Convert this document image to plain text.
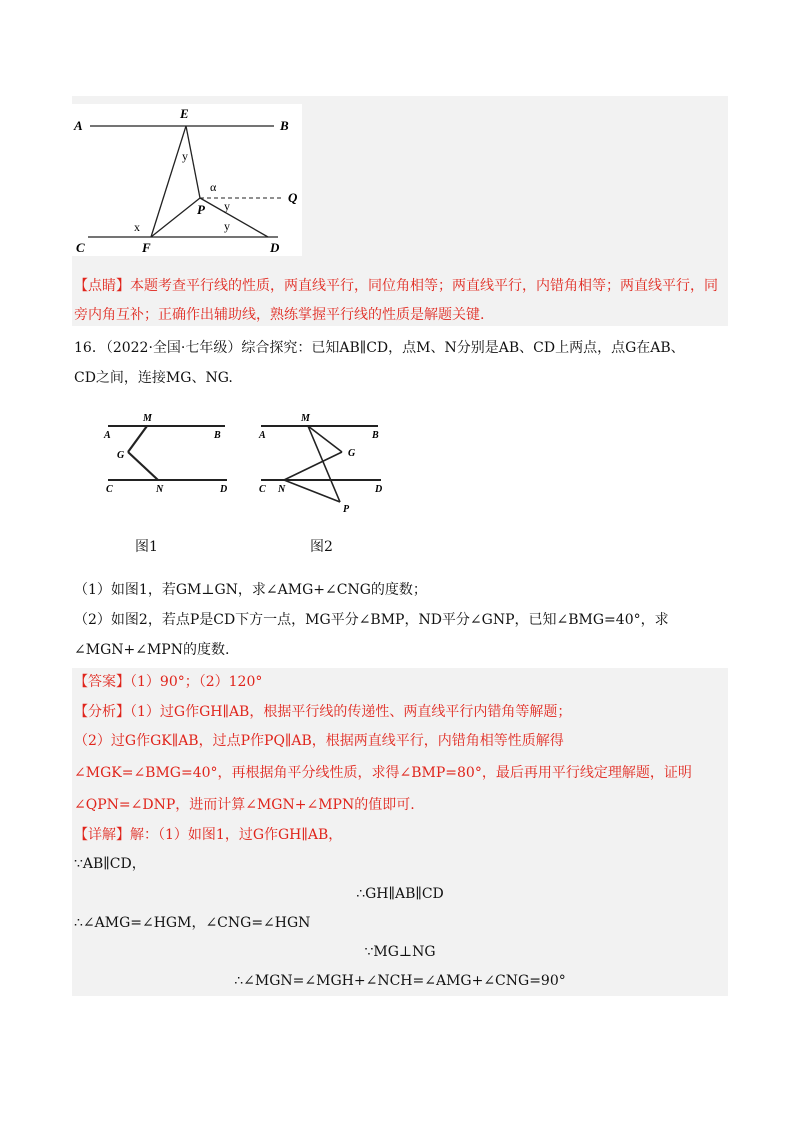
A
E
B
y
α
P y
Q
x	y
C	F	D
【点睛】本题考查平行线的性质，两直线平行，同位角相等；两直线平行，内错角相等；两直线平行，同
旁内角互补；正确作出辅助线，熟练掌握平行线的性质是解题关键.
16．（2022·全国·七年级）综合探究：已知AB∥CD，点M、N分别是AB、CD上两点，点G在AB、
CD之间，连接MG、NG.
M
A	B
G
C	N	D
M
A	B
G
C N	D
P
图1	图2
（1）如图1，若GM⊥GN，求∠AMG+∠CNG的度数；
（2）如图2，若点P是CD下方一点，MG平分∠BMP，ND平分∠GNP，已知∠BMG=40°，求
∠MGN+∠MPN的度数.
【答案】（1）90°；（2）120°
【分析】（1）过G作GH∥AB，根据平行线的传递性、两直线平行内错角等解题；
（2）过G作GK∥AB，过点P作PQ∥AB，根据两直线平行，内错角相等性质解得
∠MGK=∠BMG=40°，再根据角平分线性质，求得∠BMP=80°，最后再用平行线定理解题，证明
∠QPN=∠DNP，进而计算∠MGN+∠MPN的值即可.
【详解】解：（1）如图1，过G作GH∥AB，
∵AB∥CD，
∴GH∥AB∥CD
∴∠AMG=∠HGM，∠CNG=∠HGN
∵MG⊥NG
∴∠MGN=∠MGH+∠NCH=∠AMG+∠CNG=90°
